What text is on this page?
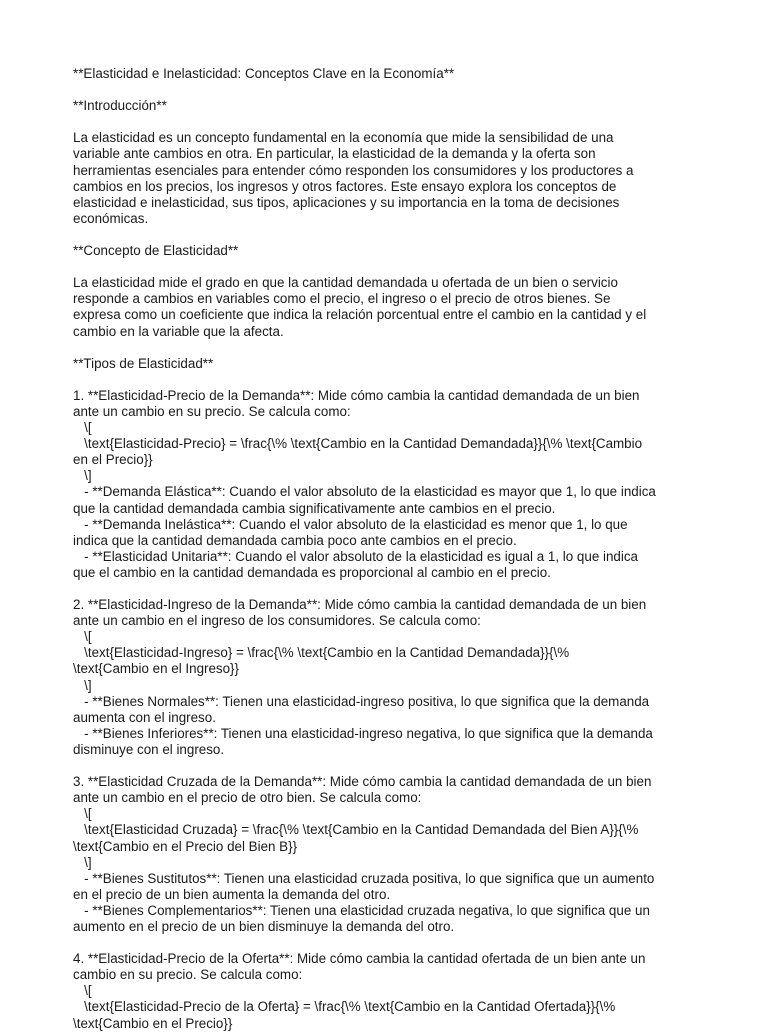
**Elasticidad e Inelasticidad: Conceptos Clave en la Economía**
**Introducción**
La elasticidad es un concepto fundamental en la economía que mide la sensibilidad de una
variable ante cambios en otra. En particular, la elasticidad de la demanda y la oferta son
herramientas esenciales para entender cómo responden los consumidores y los productores a
cambios en los precios, los ingresos y otros factores. Este ensayo explora los conceptos de
elasticidad e inelasticidad, sus tipos, aplicaciones y su importancia en la toma de decisiones
económicas.
**Concepto de Elasticidad**
La elasticidad mide el grado en que la cantidad demandada u ofertada de un bien o servicio
responde a cambios en variables como el precio, el ingreso o el precio de otros bienes. Se
expresa como un coeficiente que indica la relación porcentual entre el cambio en la cantidad y el
cambio en la variable que la afecta.
**Tipos de Elasticidad**
1. **Elasticidad-Precio de la Demanda**: Mide cómo cambia la cantidad demandada de un bien
ante un cambio en su precio. Se calcula como:
\[
\text{Elasticidad-Precio} = \frac{\% \text{Cambio en la Cantidad Demandada}}{\% \text{Cambio
en el Precio}}
\]
- **Demanda Elástica**: Cuando el valor absoluto de la elasticidad es mayor que 1, lo que indica
que la cantidad demandada cambia significativamente ante cambios en el precio.
- **Demanda Inelástica**: Cuando el valor absoluto de la elasticidad es menor que 1, lo que
indica que la cantidad demandada cambia poco ante cambios en el precio.
- **Elasticidad Unitaria**: Cuando el valor absoluto de la elasticidad es igual a 1, lo que indica
que el cambio en la cantidad demandada es proporcional al cambio en el precio.
2. **Elasticidad-Ingreso de la Demanda**: Mide cómo cambia la cantidad demandada de un bien
ante un cambio en el ingreso de los consumidores. Se calcula como:
\[
\text{Elasticidad-Ingreso} = \frac{\% \text{Cambio en la Cantidad Demandada}}{\%
\text{Cambio en el Ingreso}}
\]
- **Bienes Normales**: Tienen una elasticidad-ingreso positiva, lo que significa que la demanda
aumenta con el ingreso.
- **Bienes Inferiores**: Tienen una elasticidad-ingreso negativa, lo que significa que la demanda
disminuye con el ingreso.
3. **Elasticidad Cruzada de la Demanda**: Mide cómo cambia la cantidad demandada de un bien
ante un cambio en el precio de otro bien. Se calcula como:
\[
\text{Elasticidad Cruzada} = \frac{\% \text{Cambio en la Cantidad Demandada del Bien A}}{\%
\text{Cambio en el Precio del Bien B}}
\]
- **Bienes Sustitutos**: Tienen una elasticidad cruzada positiva, lo que significa que un aumento
en el precio de un bien aumenta la demanda del otro.
- **Bienes Complementarios**: Tienen una elasticidad cruzada negativa, lo que significa que un
aumento en el precio de un bien disminuye la demanda del otro.
4. **Elasticidad-Precio de la Oferta**: Mide cómo cambia la cantidad ofertada de un bien ante un
cambio en su precio. Se calcula como:
\[
\text{Elasticidad-Precio de la Oferta} = \frac{\% \text{Cambio en la Cantidad Ofertada}}{\%
\text{Cambio en el Precio}}
